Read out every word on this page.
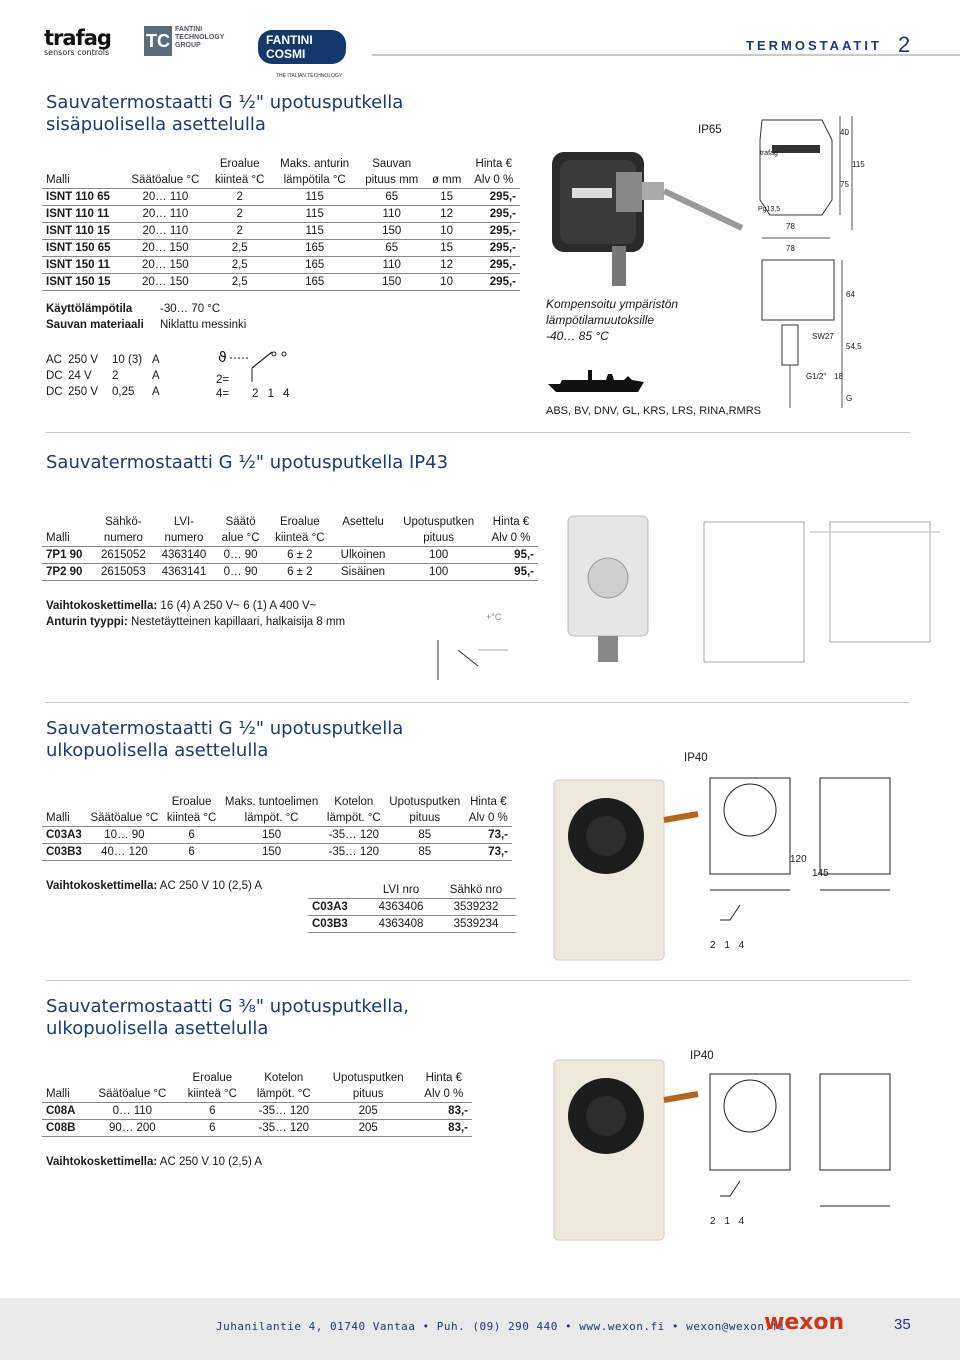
trafag
sensors controls
TCFANTINI TECHNOLOGY GROUP	FANTINI COSMI
THE ITALIAN TECHNOLOGY
TERMOSTAATIT 2
Sauvatermostaatti G ½" upotusputkella
sisäpuolisella asettelulla	IP65
		Eroalue	Maks. anturin	Sauvan		Hinta €
Malli	Säätöalue °C	kiinteä °C	lämpötila °C	pituus mm	ø mm	Alv 0 %
ISNT 110 65	20… 110	2	115	65	15	295,-
ISNT 110 11	20… 110	2	115	110	12	295,-
ISNT 110 15	20… 110	2	115	150	10	295,-
ISNT 150 65	20… 150	2,5	165	65	15	295,-
ISNT 150 11	20… 150	2,5	165	110	12	295,-
ISNT 150 15	20… 150	2,5	165	150	10	295,-
Käyttölämpötila -30… 70 °C
Sauvan materiaali Niklattu messinki
AC 250 V 10 (3) A
DC 24 V 2	A
DC 250 V 0,25 A
ϑ
2=
4= 2 1 4
Kompensoitu ympäristön
lämpötilamuutoksille
-40… 85 °C
ABS, BV, DNV, GL, KRS, LRS, RINA,RMRS
trafag
40
75
115
Pg13,5
78
78
64
SW27
54,5
18
G1/2"
G
Sauvatermostaatti G ½" upotusputkella IP43
	Sähkö-	LVI-	Säätö	Eroalue	Asettelu	Upotusputken	Hinta €
Malli	numero	numero	alue °C	kiinteä °C		pituus	Alv 0 %
7P1 90	2615052	4363140	0… 90	6 ± 2	Ulkoinen	100	95,-
7P2 90	2615053	4363141	0… 90	6 ± 2	Sisäinen	100	95,-
Vaihtokoskettimella: 16 (4) A 250 V~ 6 (1) A 400 V~
Anturin tyyppi: Nestetäytteinen kapillaari, halkaisija 8 mm	+°C
Sauvatermostaatti G ½" upotusputkella
ulkopuolisella asettelulla	IP40
		Eroalue	Maks. tuntoelimen	Kotelon	Upotusputken	Hinta €
Malli	Säätöalue °C	kiinteä °C	lämpöt. °C	lämpöt. °C	pituus	Alv 0 %
C03A3	10… 90	6	150	-35… 120	85	73,-
C03B3	40… 120	6	150	-35… 120	85	73,-
Vaihtokoskettimella: AC 250 V 10 (2,5) A
		LVI nro	Sähkö nro
C03A3	4363406	3539232
C03B3	4363408	3539234
120
145
2 1 4
Sauvatermostaatti G ⅜" upotusputkella,
ulkopuolisella asettelulla
IP40
		Eroalue	Kotelon	Upotusputken	Hinta €
Malli	Säätöalue °C	kiinteä °C	lämpöt. °C	pituus	Alv 0 %
C08A	0… 110	6	-35… 120	205	83,-
C08B	90… 200	6	-35… 120	205	83,-
Vaihtokoskettimella: AC 250 V 10 (2,5) A
2 1 4
Juhanilantie 4, 01740 Vantaa • Puh. (09) 290 440 • www.wexon.fi • wexon@wexon.fi
wexon	35
